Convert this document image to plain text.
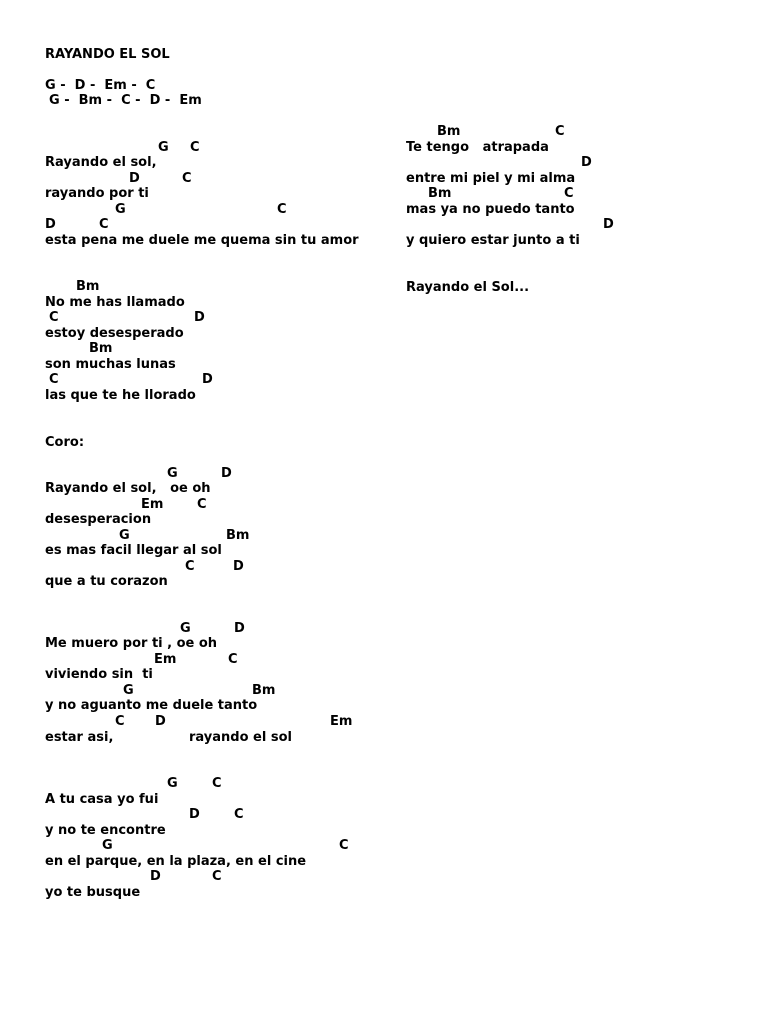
RAYANDO EL SOL
G -  D -  Em -  C
G -  Bm -  C -  D -  Em
G C
Rayando el sol,
D	C
rayando por ti
G	C
D	C
esta pena me duele me quema sin tu amor
Bm
No me has llamado
C	D
estoy desesperado
Bm
son muchas lunas
C	D
las que te he llorado
Coro:
G	D
Rayando el sol,   oe oh
Em	C
desesperacion
G	Bm
es mas facil llegar al sol
C	D
que a tu corazon
G	D
Me muero por ti , oe oh
Em	C
viviendo sin  ti
G	Bm
y no aguanto me duele tanto
C D	Em
estar asi,	rayando el sol
G	C
A tu casa yo fui
D	C
y no te encontre
G	C
en el parque, en la plaza, en el cine
D	C
yo te busque
Bm	C
Te tengo   atrapada
D
entre mi piel y mi alma
Bm	C
mas ya no puedo tanto
D
y quiero estar junto a ti
Rayando el Sol...
